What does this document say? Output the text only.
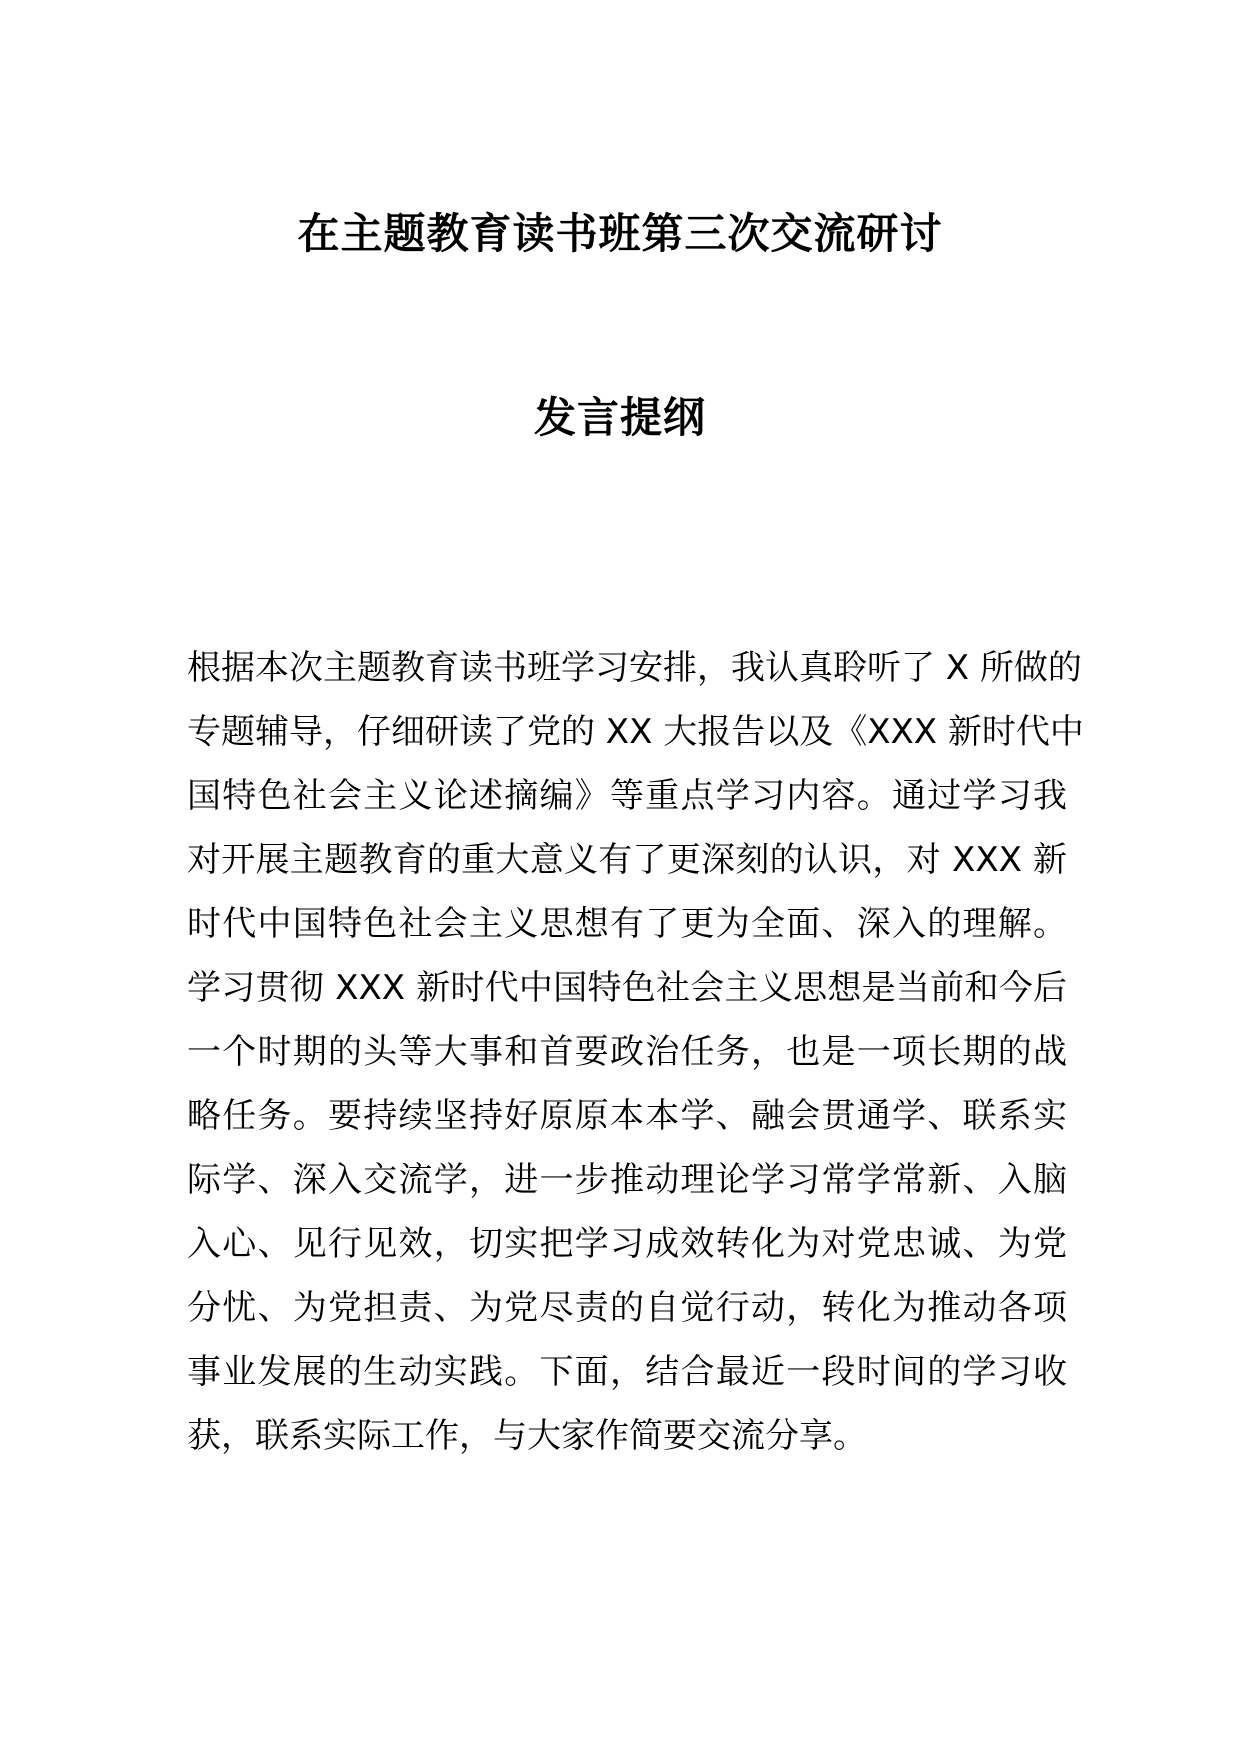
在主题教育读书班第三次交流研讨
发言提纲
根据本次主题教育读书班学习安排，我认真聆听了 X 所做的
专题辅导，仔细研读了党的 XX 大报告以及《XXX 新时代中
国特色社会主义论述摘编》等重点学习内容。通过学习我
对开展主题教育的重大意义有了更深刻的认识，对 XXX 新
时代中国特色社会主义思想有了更为全面、深入的理解。
学习贯彻 XXX 新时代中国特色社会主义思想是当前和今后
一个时期的头等大事和首要政治任务，也是一项长期的战
略任务。要持续坚持好原原本本学、融会贯通学、联系实
际学、深入交流学，进一步推动理论学习常学常新、入脑
入心、见行见效，切实把学习成效转化为对党忠诚、为党
分忧、为党担责、为党尽责的自觉行动，转化为推动各项
事业发展的生动实践。下面，结合最近一段时间的学习收
获，联系实际工作，与大家作简要交流分享。
